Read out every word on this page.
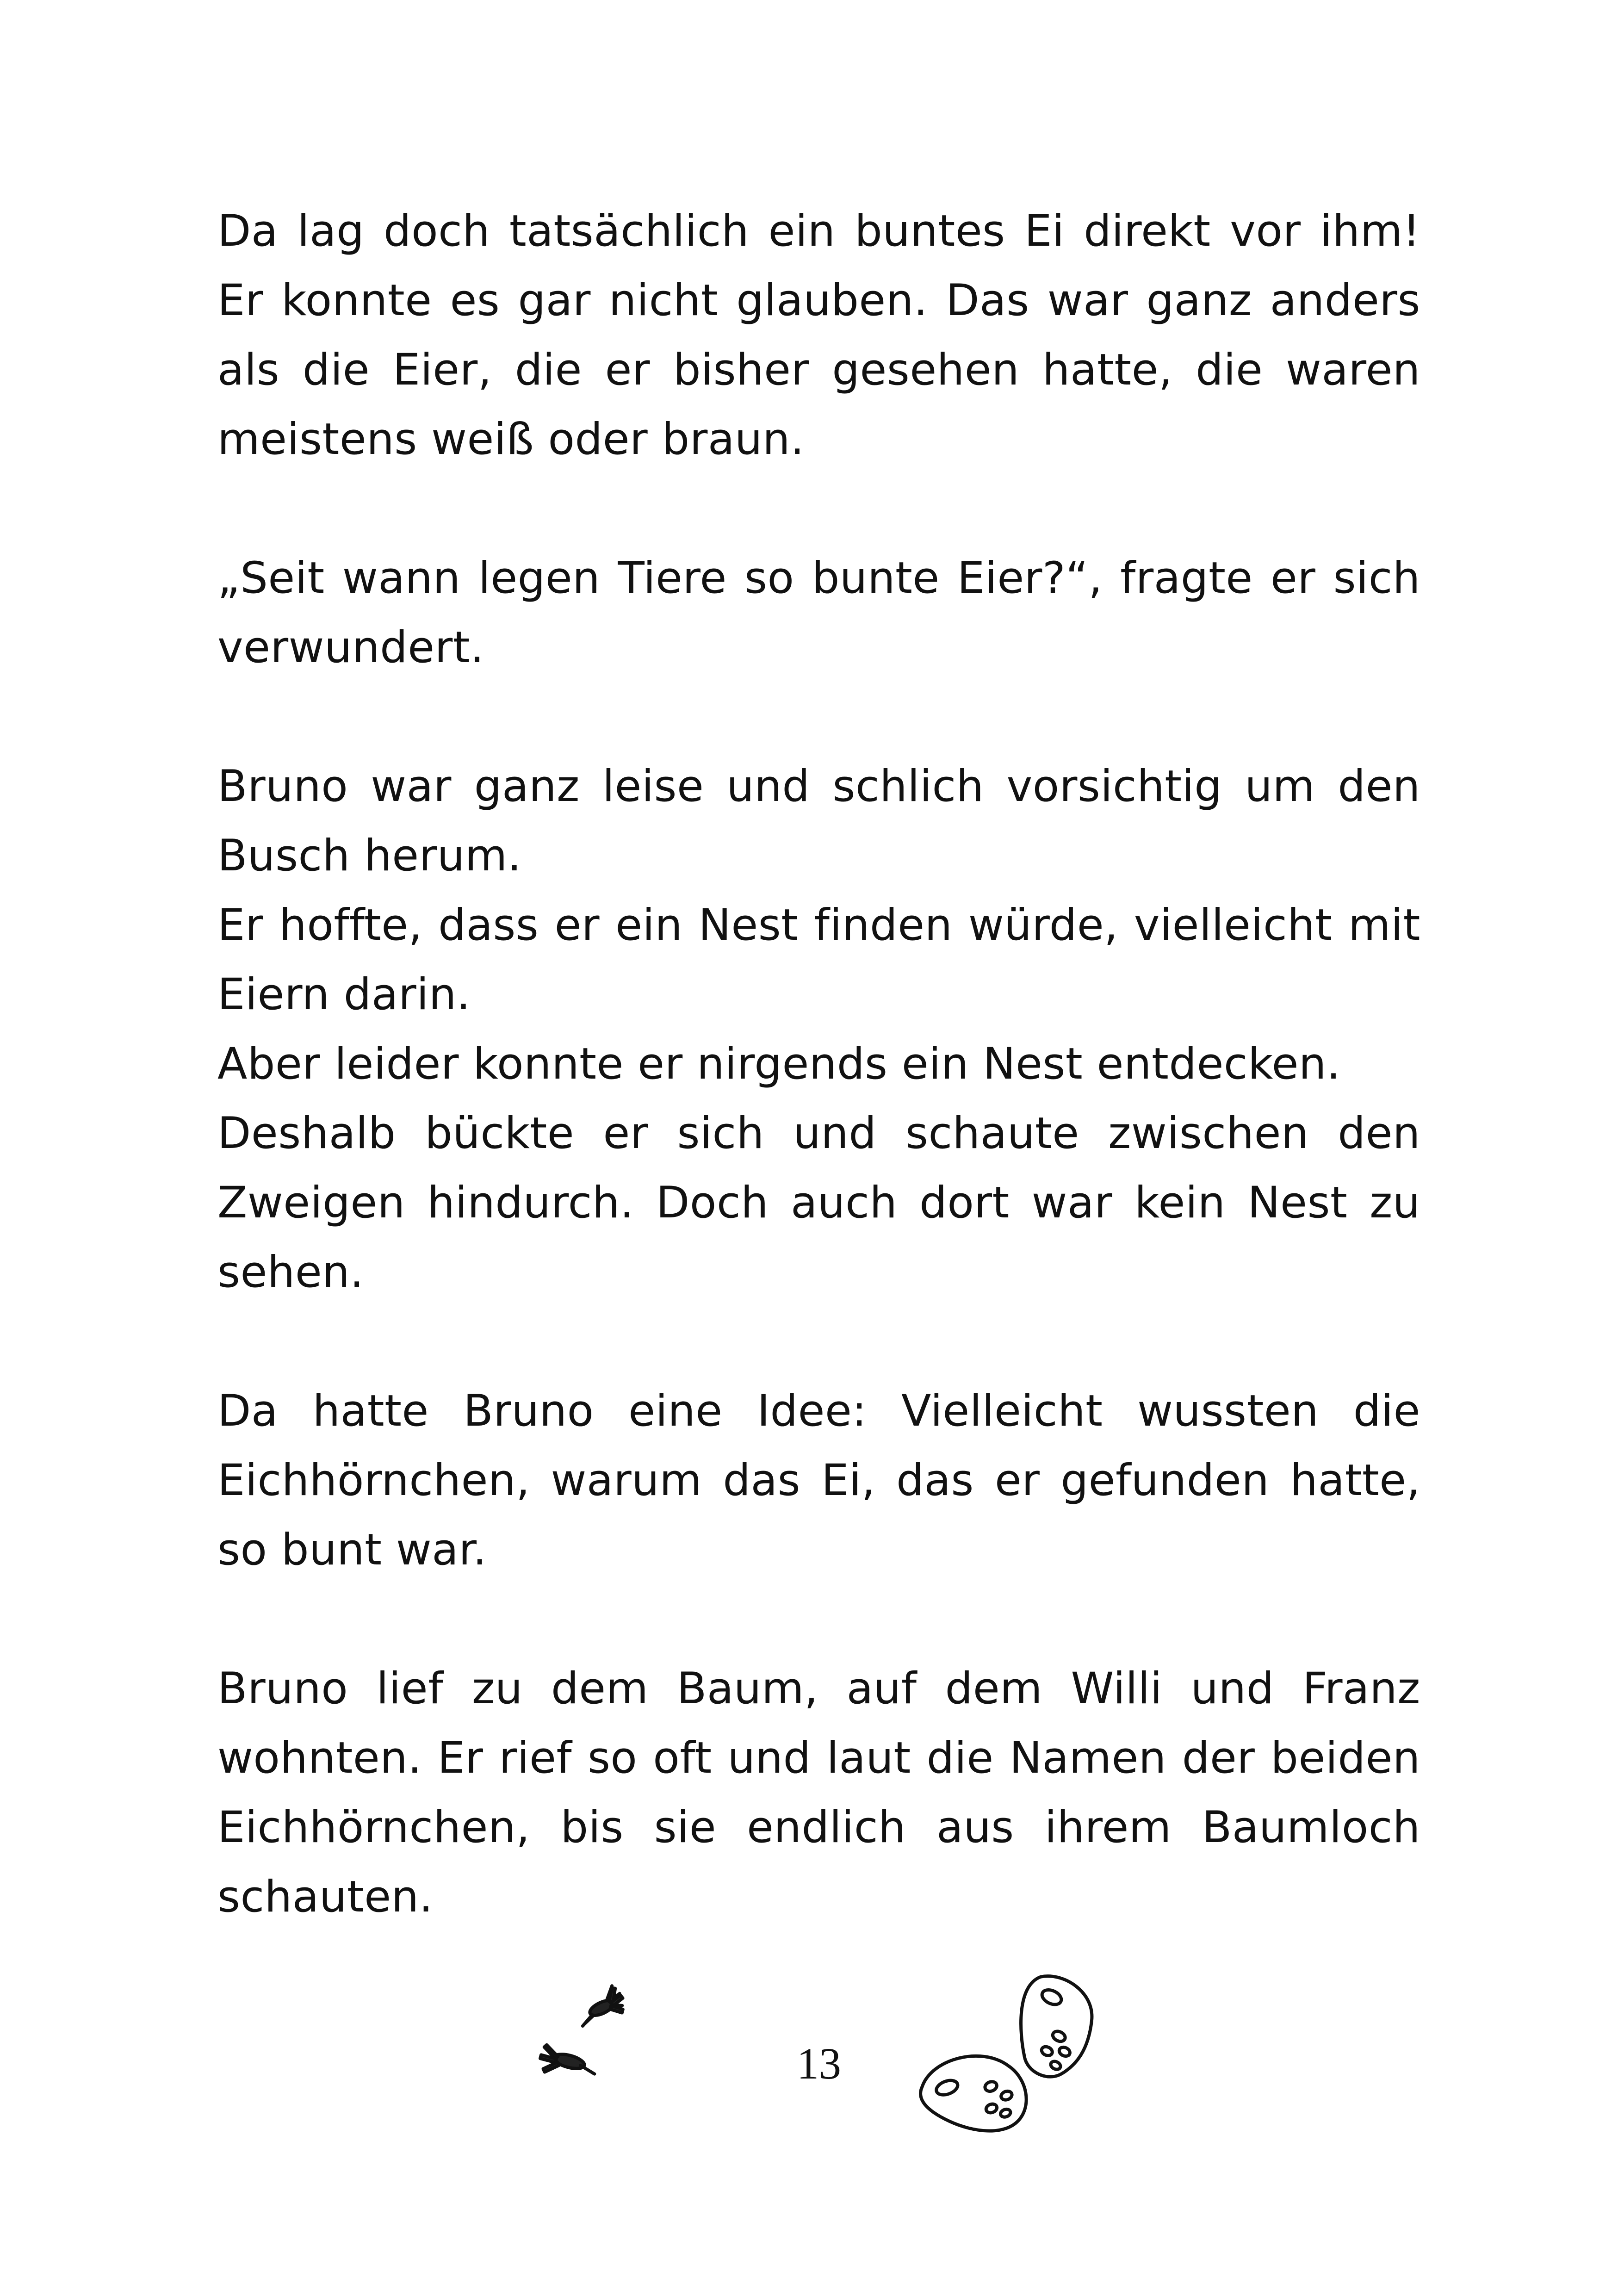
Da lag doch tatsächlich ein buntes Ei direkt vor ihm! Er konnte es gar nicht glauben. Das war ganz anders als die Eier, die er bisher gesehen hatte, die waren meistens weiß oder braun.

„Seit wann legen Tiere so bunte Eier?“, fragte er sich verwundert.

Bruno war ganz leise und schlich vorsichtig um den Busch herum.

Er hoffte, dass er ein Nest finden würde, vielleicht mit Eiern darin.

Aber leider konnte er nirgends ein Nest entdecken.

Deshalb bückte er sich und schaute zwischen den Zweigen hindurch. Doch auch dort war kein Nest zu sehen.

Da hatte Bruno eine Idee: Vielleicht wussten die Eichhörnchen, warum das Ei, das er gefunden hatte, so bunt war.

Bruno lief zu dem Baum, auf dem Willi und Franz wohnten. Er rief so oft und laut die Namen der beiden Eichhörnchen, bis sie endlich aus ihrem Baumloch schauten.

13
